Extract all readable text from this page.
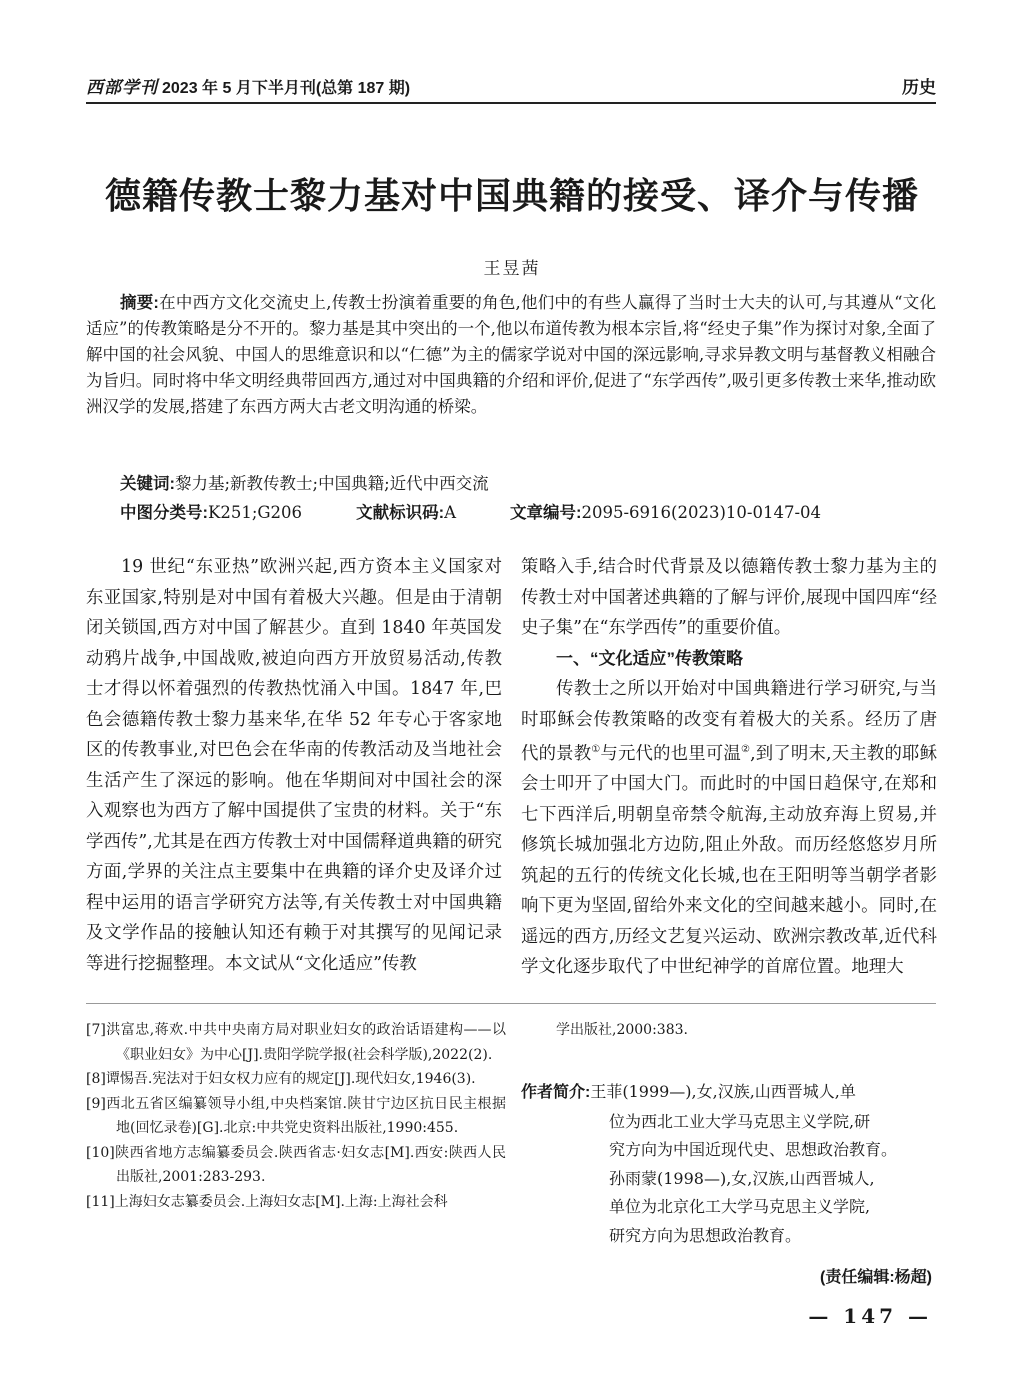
西部学刊 2023 年 5 月下半月刊(总第 187 期)	历史
德籍传教士黎力基对中国典籍的接受、译介与传播
王昱茜

摘要:在中西方文化交流史上,传教士扮演着重要的角色,他们中的有些人赢得了当时士大夫的认可,与其遵从“文化适应”的传教策略是分不开的。黎力基是其中突出的一个,他以布道传教为根本宗旨,将“经史子集”作为探讨对象,全面了解中国的社会风貌、中国人的思维意识和以“仁德”为主的儒家学说对中国的深远影响,寻求异教文明与基督教义相融合为旨归。同时将中华文明经典带回西方,通过对中国典籍的介绍和评价,促进了“东学西传”,吸引更多传教士来华,推动欧洲汉学的发展,搭建了东西方两大古老文明沟通的桥梁。

关键词:黎力基;新教传教士;中国典籍;近代中西交流
中图分类号:K251;G206	文献标识码:A	文章编号:2095-6916(2023)10-0147-04

19 世纪“东亚热”欧洲兴起,西方资本主义国家对东亚国家,特别是对中国有着极大兴趣。但是由于清朝闭关锁国,西方对中国了解甚少。直到 1840 年英国发动鸦片战争,中国战败,被迫向西方开放贸易活动,传教士才得以怀着强烈的传教热忱涌入中国。1847 年,巴色会德籍传教士黎力基来华,在华 52 年专心于客家地区的传教事业,对巴色会在华南的传教活动及当地社会生活产生了深远的影响。他在华期间对中国社会的深入观察也为西方了解中国提供了宝贵的材料。关于“东学西传”,尤其是在西方传教士对中国儒释道典籍的研究方面,学界的关注点主要集中在典籍的译介史及译介过程中运用的语言学研究方法等,有关传教士对中国典籍及文学作品的接触认知还有赖于对其撰写的见闻记录等进行挖掘整理。本文试从“文化适应”传教

策略入手,结合时代背景及以德籍传教士黎力基为主的传教士对中国著述典籍的了解与评价,展现中国四库“经史子集”在“东学西传”的重要价值。

一、“文化适应”传教策略

传教士之所以开始对中国典籍进行学习研究,与当时耶稣会传教策略的改变有着极大的关系。经历了唐代的景教①与元代的也里可温②,到了明末,天主教的耶稣会士叩开了中国大门。而此时的中国日趋保守,在郑和七下西洋后,明朝皇帝禁令航海,主动放弃海上贸易,并修筑长城加强北方边防,阻止外敌。而历经悠悠岁月所筑起的五行的传统文化长城,也在王阳明等当朝学者影响下更为坚固,留给外来文化的空间越来越小。同时,在遥远的西方,历经文艺复兴运动、欧洲宗教改革,近代科学文化逐步取代了中世纪神学的首席位置。地理大

[7]洪富忠,蒋欢.中共中央南方局对职业妇女的政治话语建构——以《职业妇女》为中心[J].贵阳学院学报(社会科学版),2022(2).
[8]谭惕吾.宪法对于妇女权力应有的规定[J].现代妇女,1946(3).
[9]西北五省区编纂领导小组,中央档案馆.陕甘宁边区抗日民主根据地(回忆录卷)[G].北京:中共党史资料出版社,1990:455.
[10]陕西省地方志编纂委员会.陕西省志·妇女志[M].西安:陕西人民出版社,2001:283-293.
[11]上海妇女志纂委员会.上海妇女志[M].上海:上海社会科
学出版社,2000:383.

作者简介:王菲(1999—),女,汉族,山西晋城人,单

位为西北工业大学马克思主义学院,研

究方向为中国近现代史、思想政治教育。

孙雨蒙(1998—),女,汉族,山西晋城人,

单位为北京化工大学马克思主义学院,

研究方向为思想政治教育。

(责任编辑:杨超)
— 147 —
